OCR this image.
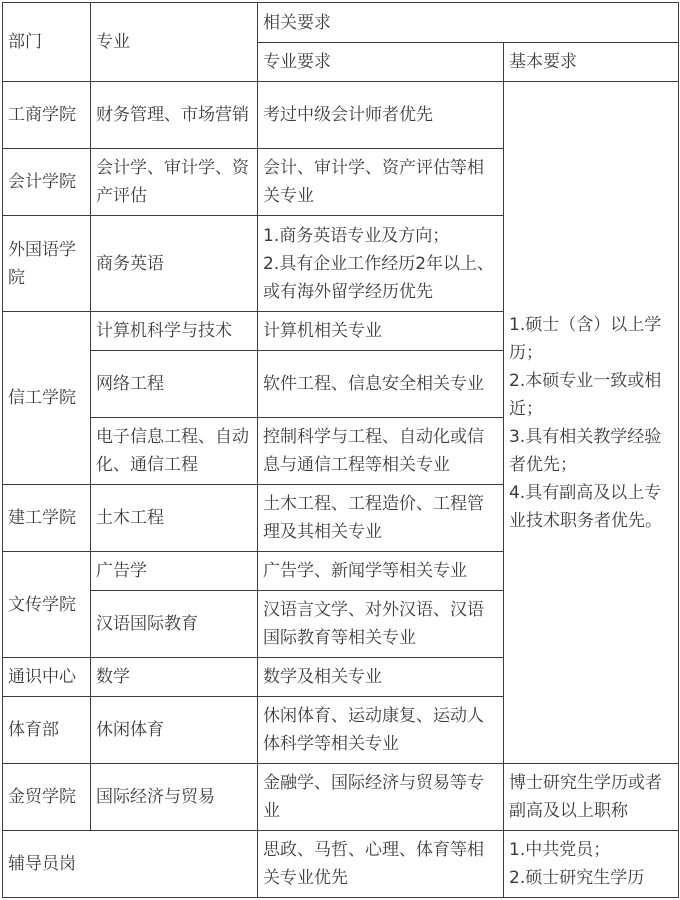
部门	专业	相关要求	
		专业要求	基本要求
工商学院	财务管理、市场营销	考过中级会计师者优先	1.硕士（含）以上学历；
2.本硕专业一致或相近；
3.具有相关教学经验者优先；
4.具有副高及以上专业技术职务者优先。

会计学院	会计学、审计学、资产评估	会计、审计学、资产评估等相关专业	
外国语学院	商务英语	1.商务英语专业及方向；
2.具有企业工作经历2年以上、或有海外留学经历优先	

信工学院	计算机科学与技术	计算机相关专业	
	网络工程	软件工程、信息安全相关专业	
	电子信息工程、自动化、通信工程	控制科学与工程、自动化或信息与通信工程等相关专业	
建工学院	土木工程	土木工程、工程造价、工程管理及其相关专业	
文传学院	广告学	广告学、新闻学等相关专业	
	汉语国际教育	汉语言文学、对外汉语、汉语国际教育等相关专业	
通识中心	数学	数学及相关专业	
体育部	休闲体育	休闲体育、运动康复、运动人体科学等相关专业	
金贸学院	国际经济与贸易	金融学、国际经济与贸易等专业	博士研究生学历或者副高及以上职称
辅导员岗		思政、马哲、心理、体育等相关专业优先	1.中共党员；
2.硕士研究生学历
